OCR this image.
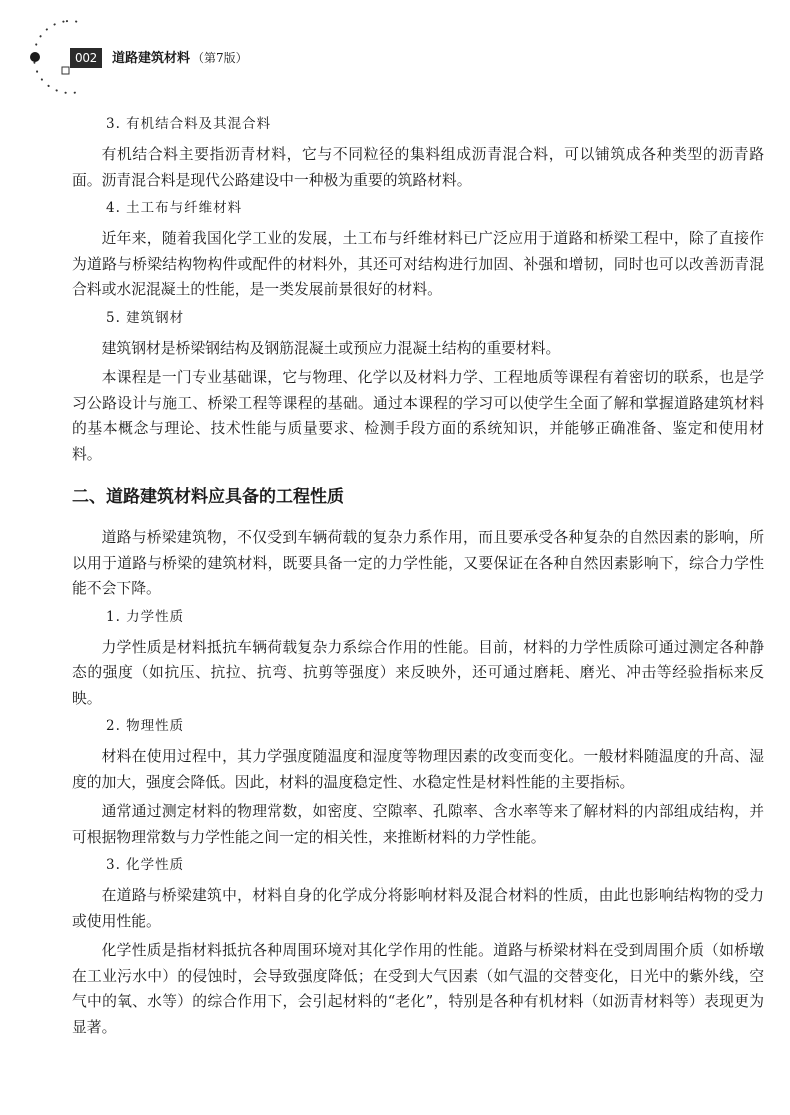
002	道路建筑材料 （第7版）
3. 有机结合料及其混合料

有机结合料主要指沥青材料，它与不同粒径的集料组成沥青混合料，可以铺筑成各种类型的沥青路面。沥青混合料是现代公路建设中一种极为重要的筑路材料。

4. 土工布与纤维材料

近年来，随着我国化学工业的发展，土工布与纤维材料已广泛应用于道路和桥梁工程中，除了直接作为道路与桥梁结构物构件或配件的材料外，其还可对结构进行加固、补强和增韧，同时也可以改善沥青混合料或水泥混凝土的性能，是一类发展前景很好的材料。

5. 建筑钢材

建筑钢材是桥梁钢结构及钢筋混凝土或预应力混凝土结构的重要材料。

本课程是一门专业基础课，它与物理、化学以及材料力学、工程地质等课程有着密切的联系，也是学习公路设计与施工、桥梁工程等课程的基础。通过本课程的学习可以使学生全面了解和掌握道路建筑材料的基本概念与理论、技术性能与质量要求、检测手段方面的系统知识，并能够正确准备、鉴定和使用材料。

二、道路建筑材料应具备的工程性质

道路与桥梁建筑物，不仅受到车辆荷载的复杂力系作用，而且要承受各种复杂的自然因素的影响，所以用于道路与桥梁的建筑材料，既要具备一定的力学性能，又要保证在各种自然因素影响下，综合力学性能不会下降。

1. 力学性质

力学性质是材料抵抗车辆荷载复杂力系综合作用的性能。目前，材料的力学性质除可通过测定各种静态的强度（如抗压、抗拉、抗弯、抗剪等强度）来反映外，还可通过磨耗、磨光、冲击等经验指标来反映。

2. 物理性质

材料在使用过程中，其力学强度随温度和湿度等物理因素的改变而变化。一般材料随温度的升高、湿度的加大，强度会降低。因此，材料的温度稳定性、水稳定性是材料性能的主要指标。

通常通过测定材料的物理常数，如密度、空隙率、孔隙率、含水率等来了解材料的内部组成结构，并可根据物理常数与力学性能之间一定的相关性，来推断材料的力学性能。

3. 化学性质

在道路与桥梁建筑中，材料自身的化学成分将影响材料及混合材料的性质，由此也影响结构物的受力或使用性能。

化学性质是指材料抵抗各种周围环境对其化学作用的性能。道路与桥梁材料在受到周围介质（如桥墩在工业污水中）的侵蚀时，会导致强度降低；在受到大气因素（如气温的交替变化，日光中的紫外线，空气中的氧、水等）的综合作用下，会引起材料的“老化”，特别是各种有机材料（如沥青材料等）表现更为显著。
